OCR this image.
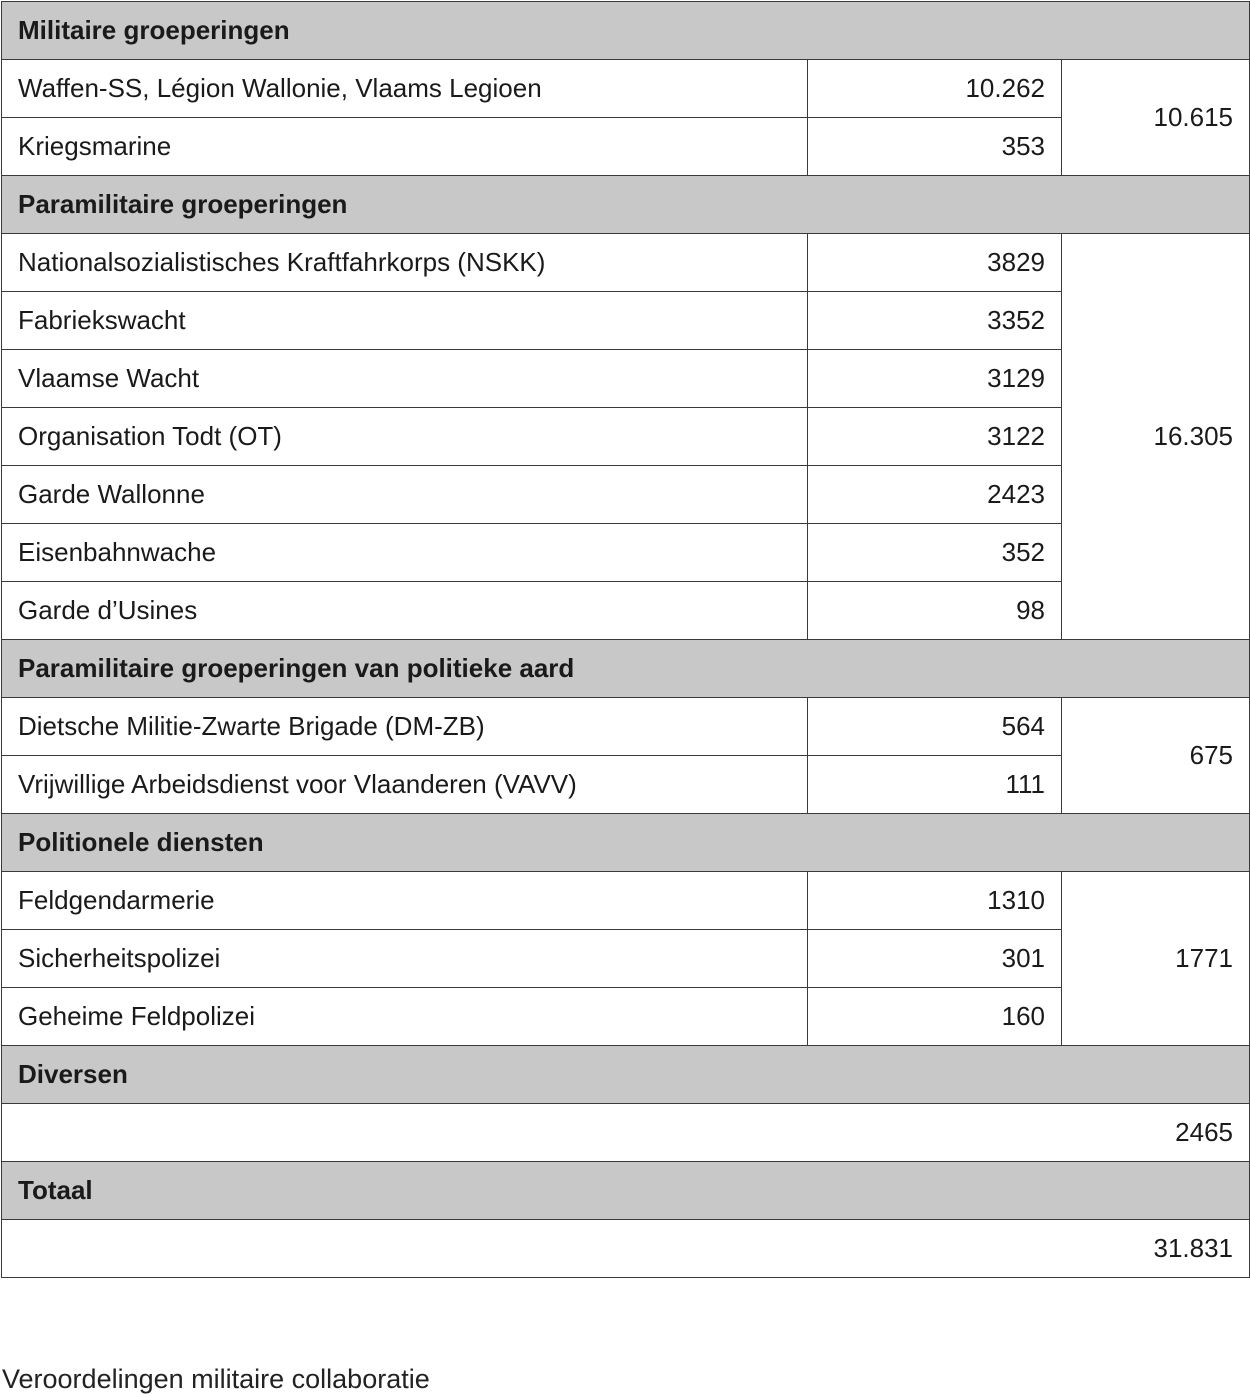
Militaire groeperingen		
Waffen-SS, Légion Wallonie, Vlaams Legioen	10.262	10.615
Kriegsmarine	353	
Paramilitaire groeperingen		
Nationalsozialistisches Kraftfahrkorps (NSKK)	3829	16.305
Fabriekswacht	3352	
Vlaamse Wacht	3129	
Organisation Todt (OT)	3122	
Garde Wallonne	2423	
Eisenbahnwache	352	
Garde d’Usines	98	
Paramilitaire groeperingen van politieke aard		
Dietsche Militie-Zwarte Brigade (DM-ZB)	564	675
Vrijwillige Arbeidsdienst voor Vlaanderen (VAVV)	111	
Politionele diensten		
Feldgendarmerie	1310	1771
Sicherheitspolizei	301	
Geheime Feldpolizei	160	
Diversen		
2465		
Totaal		
31.831		
Veroordelingen militaire collaboratie
